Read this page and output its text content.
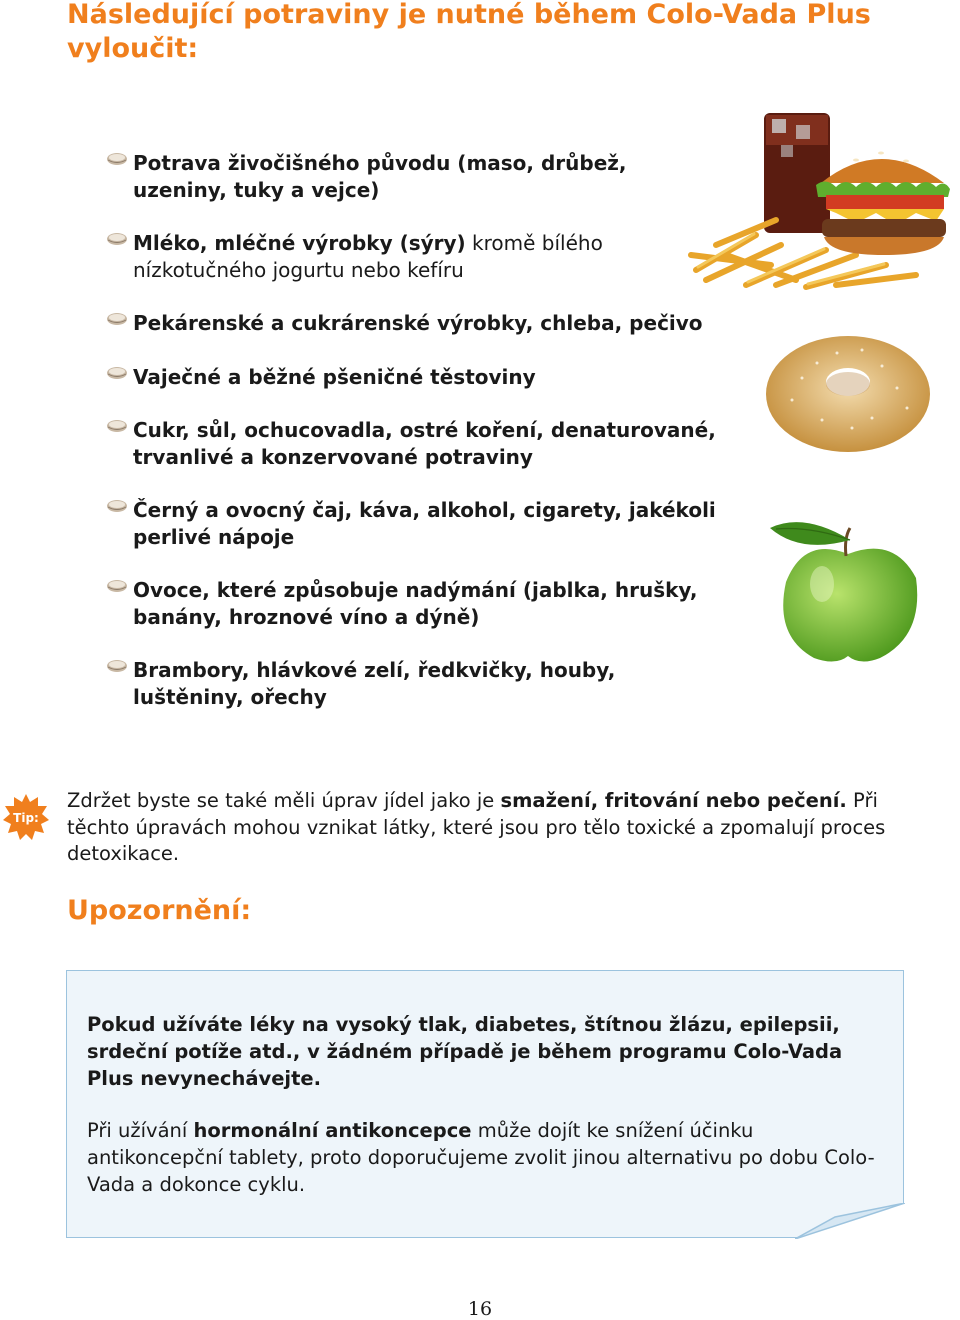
Následující potraviny je nutné během Colo-Vada Plus vyloučit:
Potrava živočišného původu (maso, drůbež, uzeniny, tuky a vejce)
Mléko, mléčné výrobky (sýry) kromě bílého nízkotučného jogurtu nebo kefíru
Pekárenské a cukrárenské výrobky, chleba, pečivo
Vaječné a běžné pšeničné těstoviny
Cukr, sůl, ochucovadla, ostré koření, denaturované, trvanlivé a konzervované potraviny
Černý a ovocný čaj, káva, alkohol, cigarety, jakékoli perlivé nápoje
Ovoce, které způsobuje nadýmání (jablka, hrušky, banány, hroznové víno a dýně)
Brambory, hlávkové zelí, ředkvičky, houby, luštěniny, ořechy
Tip:

Zdržet byste se také měli úprav jídel jako je smažení, fritování nebo pečení. Při těchto úpravách mohou vznikat látky, které jsou pro tělo toxické a zpomalují proces detoxikace.

Upozornění:

Pokud užíváte léky na vysoký tlak, diabetes, štítnou žlázu, epilepsii, srdeční potíže atd., v žádném případě je během programu Colo-Vada Plus nevynechávejte.

Při užívání hormonální antikoncepce může dojít ke snížení účinku antikoncepční tablety, proto doporučujeme zvolit jinou alternativu po dobu Colo-Vada a dokonce cyklu.

16
